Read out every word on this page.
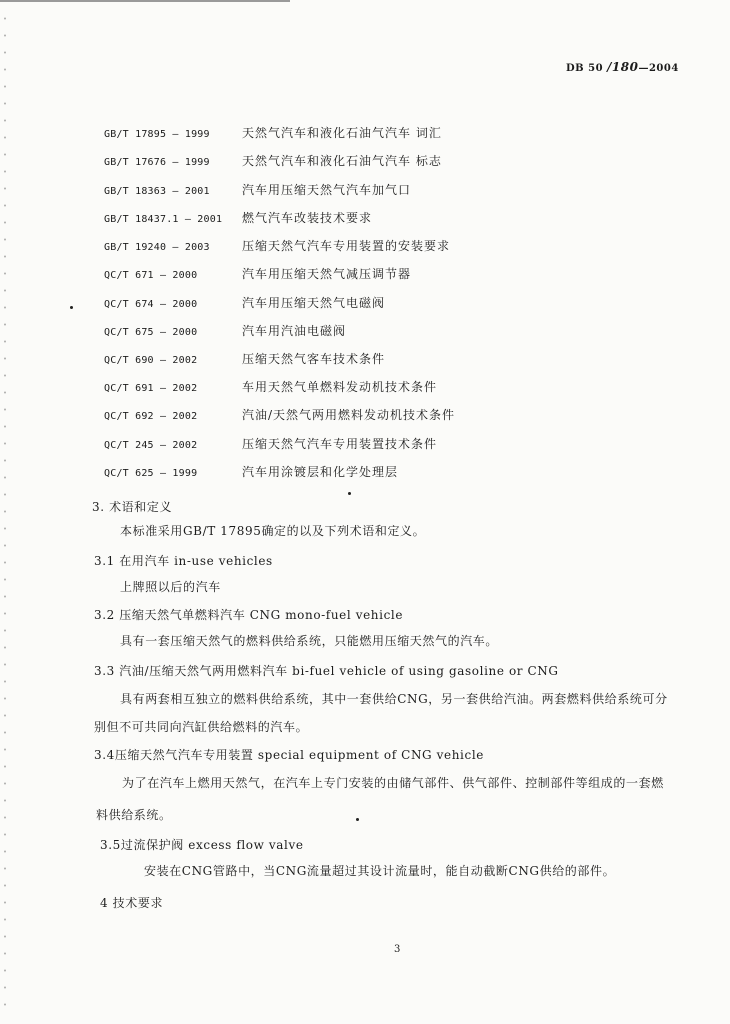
DB 50 /180—2004
GB/T 17895 — 1999	天然气汽车和液化石油气汽车 词汇
GB/T 17676 — 1999	天然气汽车和液化石油气汽车 标志
GB/T 18363 — 2001	汽车用压缩天然气汽车加气口
GB/T 18437.1 — 2001	燃气汽车改装技术要求
GB/T 19240 — 2003	压缩天然气汽车专用装置的安装要求
QC/T 671 — 2000	汽车用压缩天然气减压调节器
QC/T 674 — 2000	汽车用压缩天然气电磁阀
QC/T 675 — 2000	汽车用汽油电磁阀
QC/T 690 — 2002	压缩天然气客车技术条件
QC/T 691 — 2002	车用天然气单燃料发动机技术条件
QC/T 692 — 2002	汽油/天然气两用燃料发动机技术条件
QC/T 245 — 2002	压缩天然气汽车专用装置技术条件
QC/T 625 — 1999	汽车用涂镀层和化学处理层
3. 术语和定义
本标准采用GB/T 17895确定的以及下列术语和定义。
3.1 在用汽车 in-use vehicles
上牌照以后的汽车
3.2 压缩天然气单燃料汽车 CNG mono-fuel vehicle
具有一套压缩天然气的燃料供给系统，只能燃用压缩天然气的汽车。
3.3 汽油/压缩天然气两用燃料汽车 bi-fuel vehicle of using gasoline or CNG
具有两套相互独立的燃料供给系统，其中一套供给CNG，另一套供给汽油。两套燃料供给系统可分
别但不可共同向汽缸供给燃料的汽车。
3.4压缩天然气汽车专用装置 special equipment of CNG vehicle
为了在汽车上燃用天然气，在汽车上专门安装的由储气部件、供气部件、控制部件等组成的一套燃
料供给系统。
3.5过流保护阀 excess flow valve
安装在CNG管路中，当CNG流量超过其设计流量时，能自动截断CNG供给的部件。
4 技术要求
3
